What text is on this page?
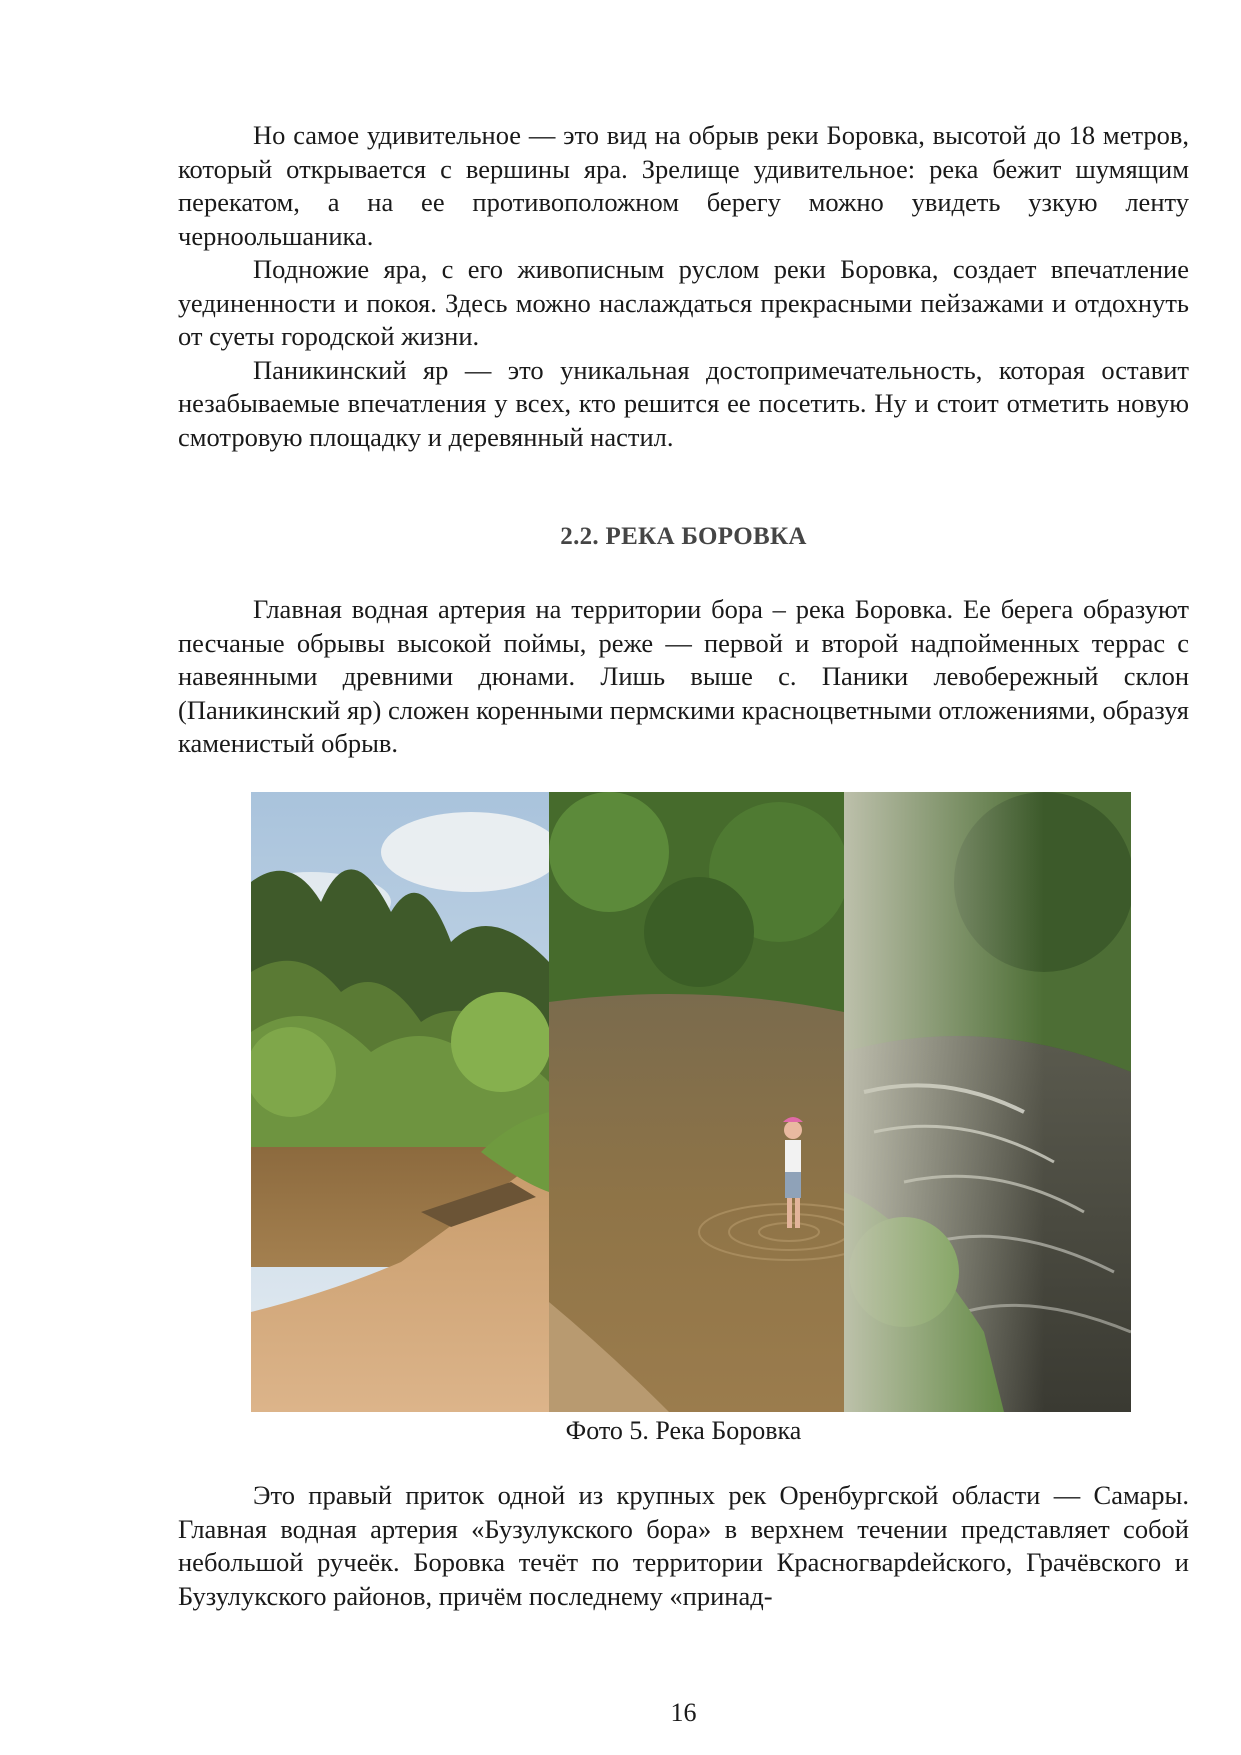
Но самое удивительное — это вид на обрыв реки Боровка, высотой до 18 метров, который открывается с вершины яра. Зрелище удивительное: река бежит шумящим перекатом, а на ее противоположном берегу можно увидеть узкую ленту черноольшаника.

Подножие яра, с его живописным руслом реки Боровка, создает впечатление уединенности и покоя. Здесь можно наслаждаться прекрасными пейзажами и отдохнуть от суеты городской жизни.

Паникинский яр — это уникальная достопримечательность, которая оставит незабываемые впечатления у всех, кто решится ее посетить. Ну и стоит отметить новую смотровую площадку и деревянный настил.

2.2. РЕКА БОРОВКА

Главная водная артерия на территории бора – река Боровка. Ее берега образуют песчаные обрывы высокой поймы, реже — первой и второй надпойменных террас с навеянными древними дюнами. Лишь выше с. Паники левобережный склон (Паникинский яр) сложен коренными пермскими красноцветными отложениями, образуя каменистый обрыв.

Фото 5. Река Боровка

Это правый приток одной из крупных рек Оренбургской области — Самары. Главная водная артерия «Бузулукского бора» в верхнем течении представляет собой небольшой ручеёк. Боровка течёт по территории Красногварdейского, Грачёвского и Бузулукского районов, причём последнему «принад-

16
